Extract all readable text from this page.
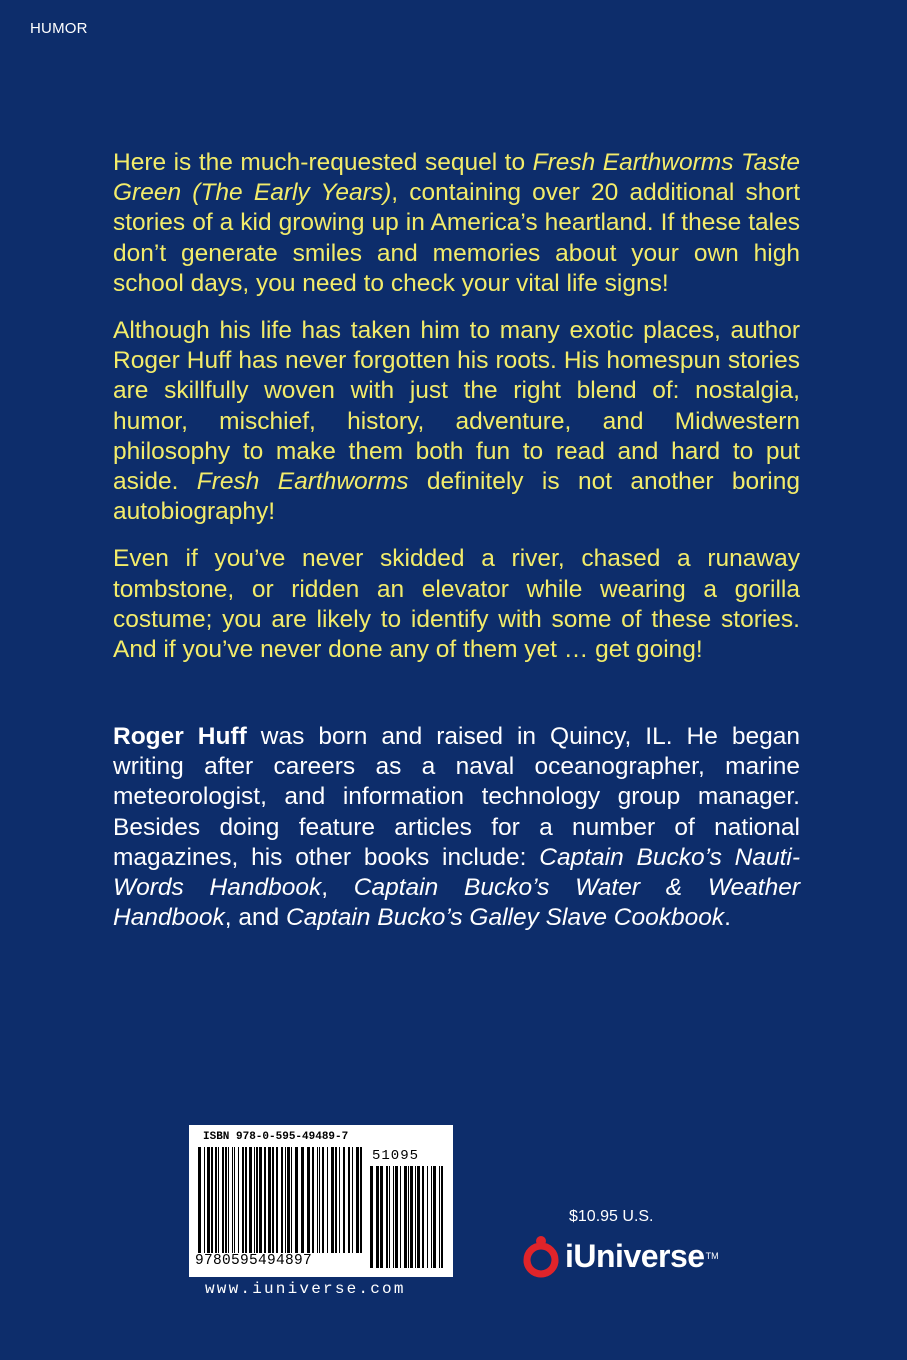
HUMOR

Here is the much-requested sequel to Fresh Earthworms Taste Green (The Early Years), containing over 20 additional short stories of a kid growing up in America’s heartland. If these tales don’t generate smiles and memories about your own high school days, you need to check your vital life signs!

Although his life has taken him to many exotic places, author Roger Huff has never forgotten his roots. His homespun stories are skillfully woven with just the right blend of: nostalgia, humor, mischief, history, adventure, and Midwestern philosophy to make them both fun to read and hard to put aside. Fresh Earthworms definitely is not another boring autobiography!

Even if you’ve never skidded a river, chased a runaway tombstone, or ridden an elevator while wearing a gorilla costume; you are likely to identify with some of these stories. And if you’ve never done any of them yet … get going!

Roger Huff was born and raised in Quincy, IL. He began writing after careers as a naval oceanographer, marine meteorologist, and information technology group manager. Besides doing feature articles for a number of national magazines, his other books include: Captain Bucko’s Nauti-Words Handbook, Captain Bucko’s Water & Weather Handbook, and Captain Bucko’s Galley Slave Cookbook.

ISBN 978-0-595-49489-7
51095
9780595494897
www.iuniverse.com
$10.95 U.S.
iUniverse TM
